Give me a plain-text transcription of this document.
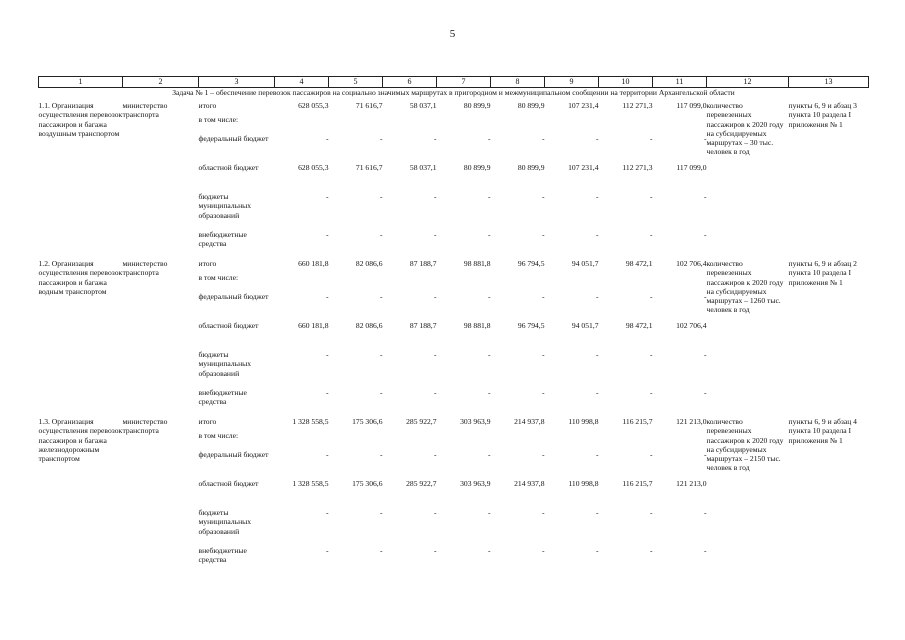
5
1	2	3	4	5	6	7	8	9	10	11	12	13
Задача № 1 – обеспечение перевозок пассажиров на социально значимых маршрутах в пригородном и межмуниципальном сообщении на территории Архангельской области												
1.1. Организация осуществления перевозок пассажиров и багажа воздушным транспортом	министерство транспорта	итого	628 055,3	71 616,7	58 037,1	80 899,9	80 899,9	107 231,4	112 271,3	117 099,0	количество перевезенных пассажиров к 2020 году на субсидируемых маршрутах – 30 тыс. человек в год	пункты 6, 9 и абзац 3 пункта 10 раздела I приложения № 1
		в том числе:										
		федеральный бюджет	-	-	-	-	-	-	-	-		
		областной бюджет	628 055,3	71 616,7	58 037,1	80 899,9	80 899,9	107 231,4	112 271,3	117 099,0		
		бюджеты муниципальных образований	-	-	-	-	-	-	-	-		
		внебюджетные средства	-	-	-	-	-	-	-	-		
1.2. Организация осуществления перевозок пассажиров и багажа водным транспортом	министерство транспорта	итого	660 181,8	82 086,6	87 188,7	98 881,8	96 794,5	94 051,7	98 472,1	102 706,4	количество перевезенных пассажиров к 2020 году на субсидируемых маршрутах – 1260 тыс. человек в год	пункты 6, 9 и абзац 2 пункта 10 раздела I приложения № 1
		в том числе:										
		федеральный бюджет	-	-	-	-	-	-	-	-		
		областной бюджет	660 181,8	82 086,6	87 188,7	98 881,8	96 794,5	94 051,7	98 472,1	102 706,4		
		бюджеты муниципальных образований	-	-	-	-	-	-	-	-		
		внебюджетные средства	-	-	-	-	-	-	-	-		
1.3. Организация осуществления перевозок пассажиров и багажа железнодорожным транспортом	министерство транспорта	итого	1 328 558,5	175 306,6	285 922,7	303 963,9	214 937,8	110 998,8	116 215,7	121 213,0	количество перевезенных пассажиров к 2020 году на субсидируемых маршрутах – 2150 тыс. человек в год	пункты 6, 9 и абзац 4 пункта 10 раздела I приложения № 1
		в том числе:										
		федеральный бюджет	-	-	-	-	-	-	-	-		
		областной бюджет	1 328 558,5	175 306,6	285 922,7	303 963,9	214 937,8	110 998,8	116 215,7	121 213,0		
		бюджеты муниципальных образований	-	-	-	-	-	-	-	-		
		внебюджетные средства	-	-	-	-	-	-	-	-		
